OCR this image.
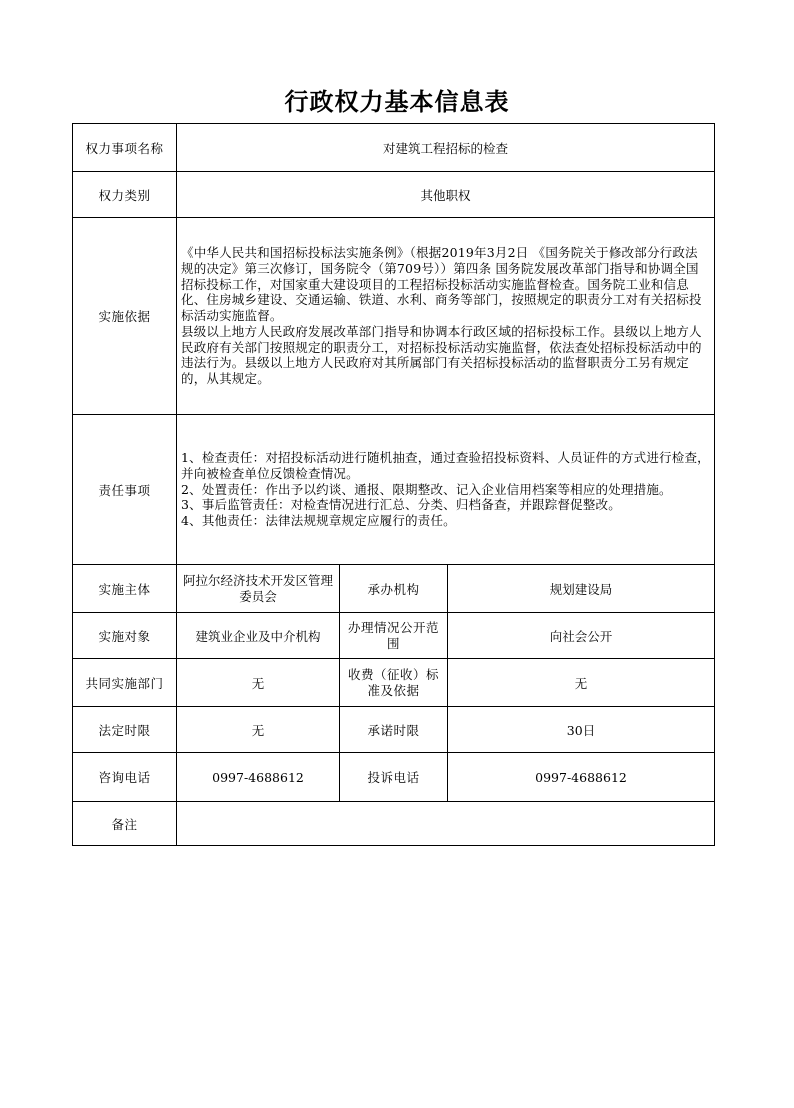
行政权力基本信息表
权力事项名称	对建筑工程招标的检查		
权力类别	其他职权		
实施依据	《中华人民共和国招标投标法实施条例》（根据2019年3月2日 《国务院关于修改部分行政法规的决定》第三次修订，国务院令（第709号））第四条 国务院发展改革部门指导和协调全国招标投标工作，对国家重大建设项目的工程招标投标活动实施监督检查。国务院工业和信息化、住房城乡建设、交通运输、铁道、水利、商务等部门，按照规定的职责分工对有关招标投标活动实施监督。

县级以上地方人民政府发展改革部门指导和协调本行政区域的招标投标工作。县级以上地方人民政府有关部门按照规定的职责分工，对招标投标活动实施监督，依法查处招标投标活动中的违法行为。县级以上地方人民政府对其所属部门有关招标投标活动的监督职责分工另有规定的，从其规定。		

责任事项	1、检查责任：对招投标活动进行随机抽查，通过查验招投标资料、人员证件的方式进行检查，并向被检查单位反馈检查情况。

2、处置责任：作出予以约谈、通报、限期整改、记入企业信用档案等相应的处理措施。

3、事后监管责任：对检查情况进行汇总、分类、归档备查，并跟踪督促整改。

4、其他责任：法律法规规章规定应履行的责任。		

实施主体	阿拉尔经济技术开发区管理委员会	承办机构	规划建设局
实施对象	建筑业企业及中介机构	办理情况公开范围	向社会公开
共同实施部门	无	收费（征收）标准及依据	无
法定时限	无	承诺时限	30日
咨询电话	0997-4688612	投诉电话	0997-4688612
备注			
